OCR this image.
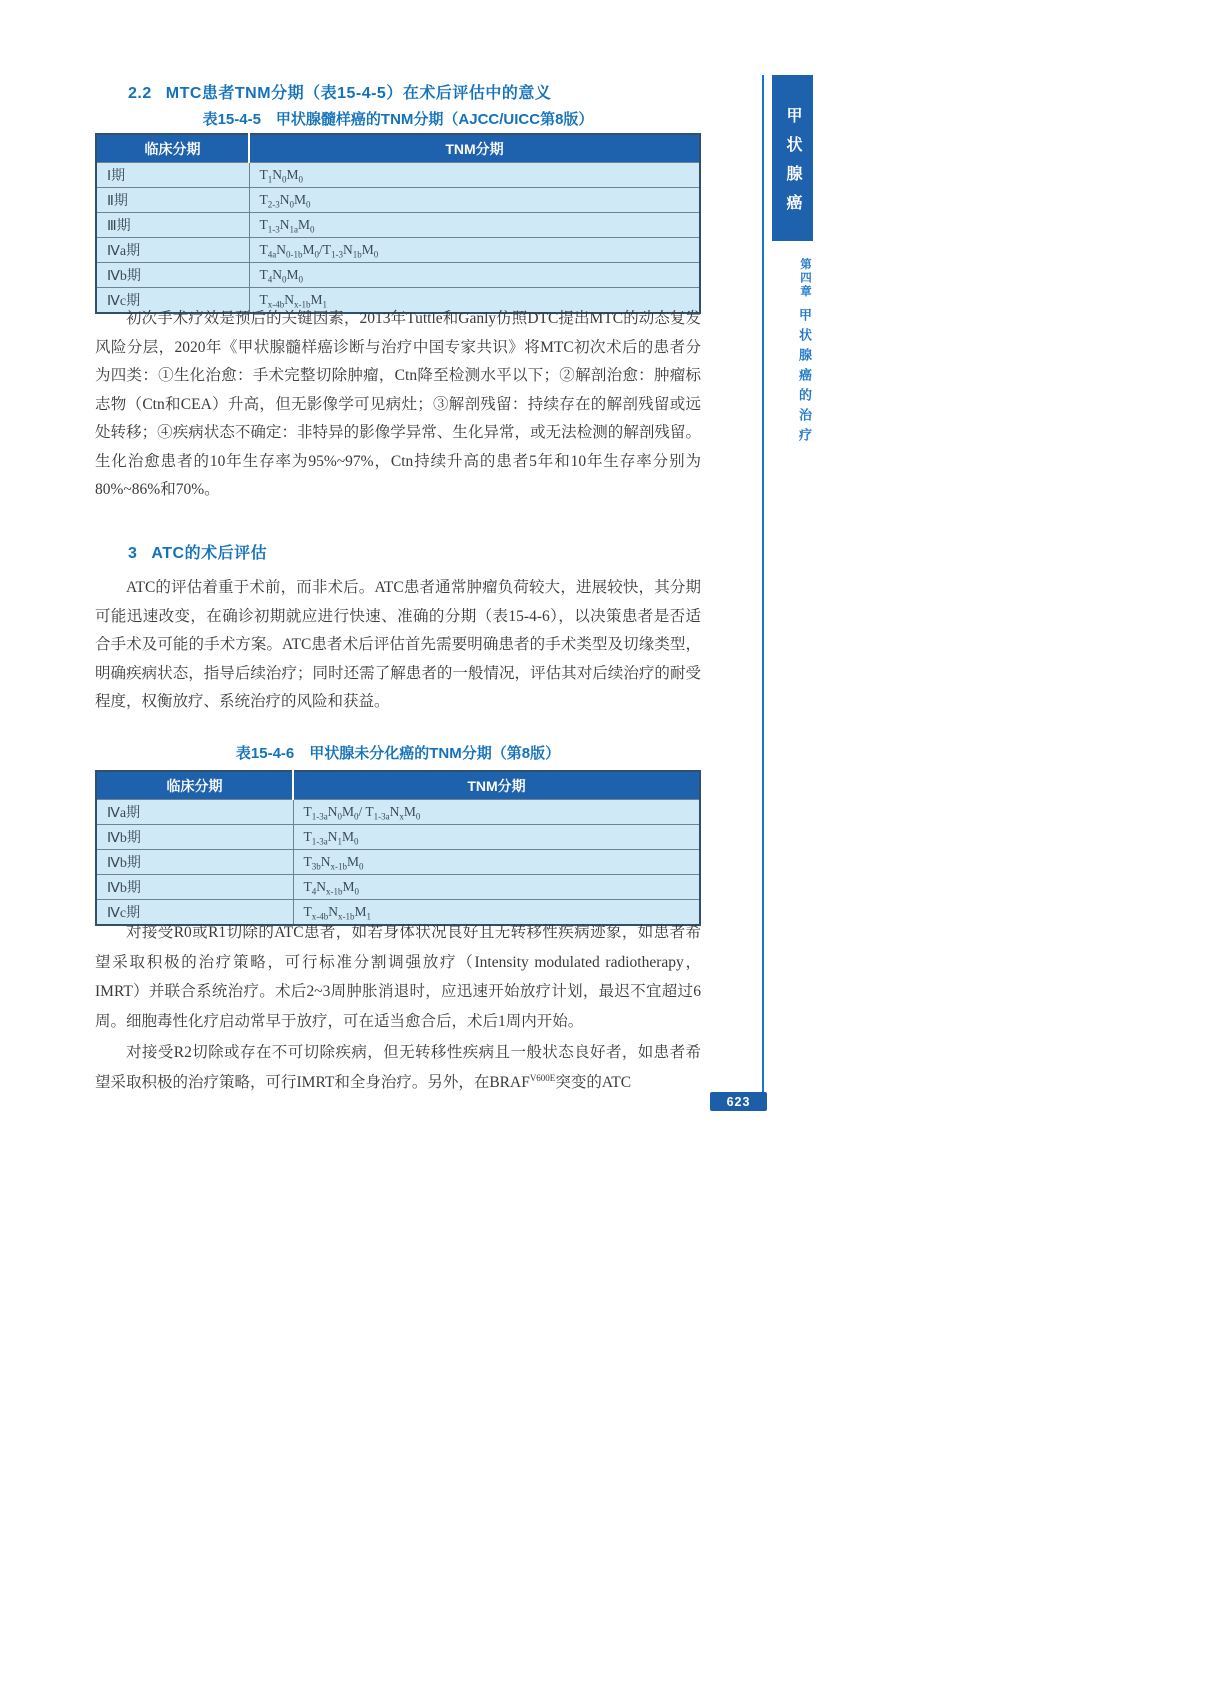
2.2 MTC患者TNM分期（表15-4-5）在术后评估中的意义
表15-4-5　甲状腺髓样癌的TNM分期（AJCC/UICC第8版）
临床分期	TNM分期
Ⅰ期	$T_1N_0M_0$
Ⅱ期	$T_{2-3}N_0M_0$
Ⅲ期	$T_{1-3}N_{1a}M_0$
Ⅳa期	$T_{4a}N_{0-1b}M_0/T_{1-3}N_{1b}M_0$
Ⅳb期	$T_4N_0M_0$
Ⅳc期	$T_{x-4b}N_{x-1b}M_1$
初次手术疗效是预后的关键因素，2013年Tuttle和Ganly仿照DTC提出MTC的动态复发风险分层，2020年《甲状腺髓样癌诊断与治疗中国专家共识》将MTC初次术后的患者分为四类：①生化治愈：手术完整切除肿瘤，Ctn降至检测水平以下；②解剖治愈：肿瘤标志物（Ctn和CEA）升高，但无影像学可见病灶；③解剖残留：持续存在的解剖残留或远处转移；④疾病状态不确定：非特异的影像学异常、生化异常，或无法检测的解剖残留。生化治愈患者的10年生存率为95%~97%，Ctn持续升高的患者5年和10年生存率分别为80%~86%和70%。
3 ATC的术后评估
ATC的评估着重于术前，而非术后。ATC患者通常肿瘤负荷较大，进展较快，其分期可能迅速改变，在确诊初期就应进行快速、准确的分期（表15-4-6），以决策患者是否适合手术及可能的手术方案。ATC患者术后评估首先需要明确患者的手术类型及切缘类型，明确疾病状态，指导后续治疗；同时还需了解患者的一般情况，评估其对后续治疗的耐受程度，权衡放疗、系统治疗的风险和获益。
表15-4-6　甲状腺未分化癌的TNM分期（第8版）
临床分期	TNM分期
Ⅳa期	$T_{1-3a}N_0M_0/$ $T_{1-3a}N_xM_0$
Ⅳb期	$T_{1-3a}N_1M_0$
Ⅳb期	$T_{3b}N_{x-1b}M_0$
Ⅳb期	$T_4N_{x-1b}M_0$
Ⅳc期	$T_{x-4b}N_{x-1b}M_1$
对接受R0或R1切除的ATC患者，如若身体状况良好且无转移性疾病迹象，如患者希望采取积极的治疗策略，可行标准分割调强放疗（Intensity modulated radiotherapy，IMRT）并联合系统治疗。术后2~3周肿胀消退时，应迅速开始放疗计划，最迟不宜超过6周。细胞毒性化疗启动常早于放疗，可在适当愈合后，术后1周内开始。
对接受R2切除或存在不可切除疾病，但无转移性疾病且一般状态良好者，如患者希望采取积极的治疗策略，可行IMRT和全身治疗。另外，在$BRAF^{V600E}$突变的ATC
甲状腺癌
第四章
甲状腺癌的治疗
623
